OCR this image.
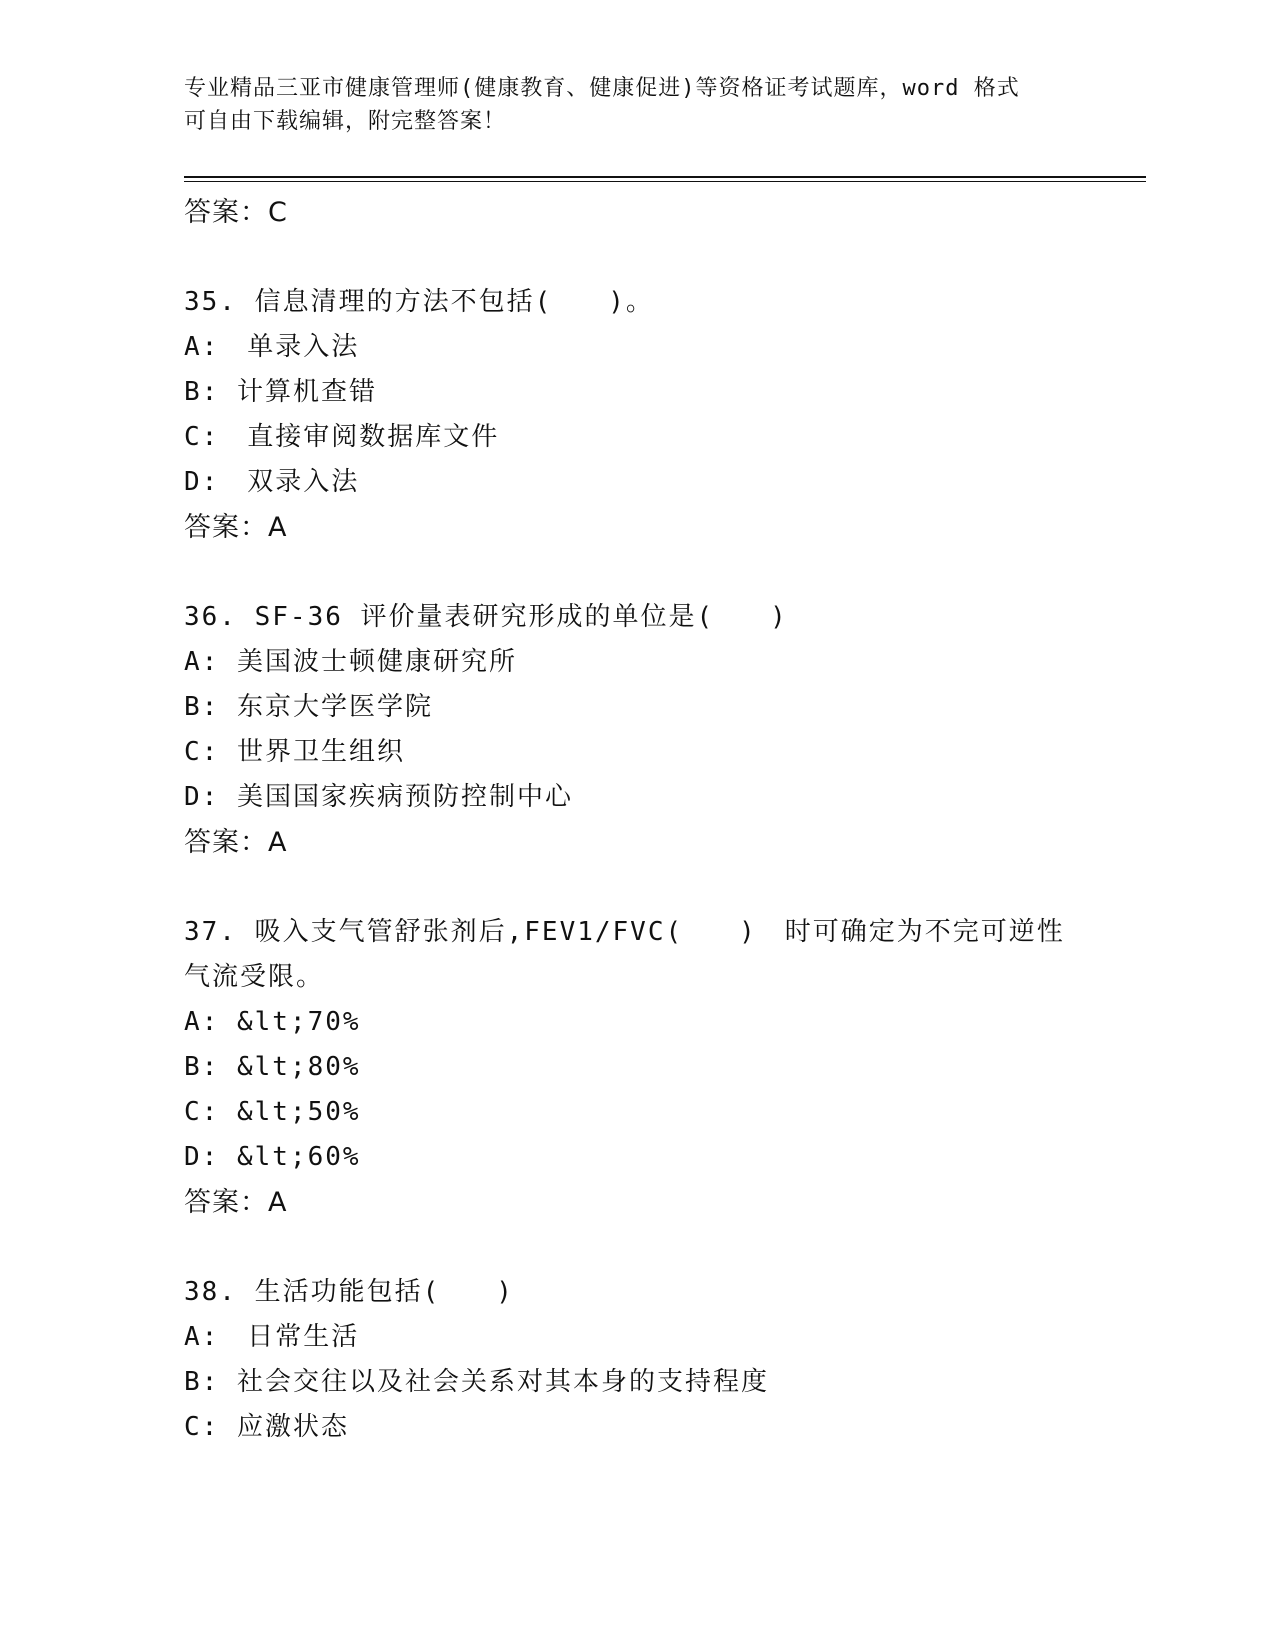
专业精品三亚市健康管理师(健康教育、健康促进)等资格证考试题库，word 格式
可自由下载编辑，附完整答案！
答案：C
35. 信息清理的方法不包括(　　)。
A:　单录入法
B: 计算机查错
C:　直接审阅数据库文件
D:　双录入法
答案：A
36. SF-36 评价量表研究形成的单位是(　　)
A: 美国波士顿健康研究所
B: 东京大学医学院
C: 世界卫生组织
D: 美国国家疾病预防控制中心
答案：A
37. 吸入支气管舒张剂后,FEV1/FVC(　　)　时可确定为不完可逆性
气流受限。
A: &lt;70%
B: &lt;80%
C: &lt;50%
D: &lt;60%
答案：A
38. 生活功能包括(　　)
A:　日常生活
B: 社会交往以及社会关系对其本身的支持程度
C: 应激状态
